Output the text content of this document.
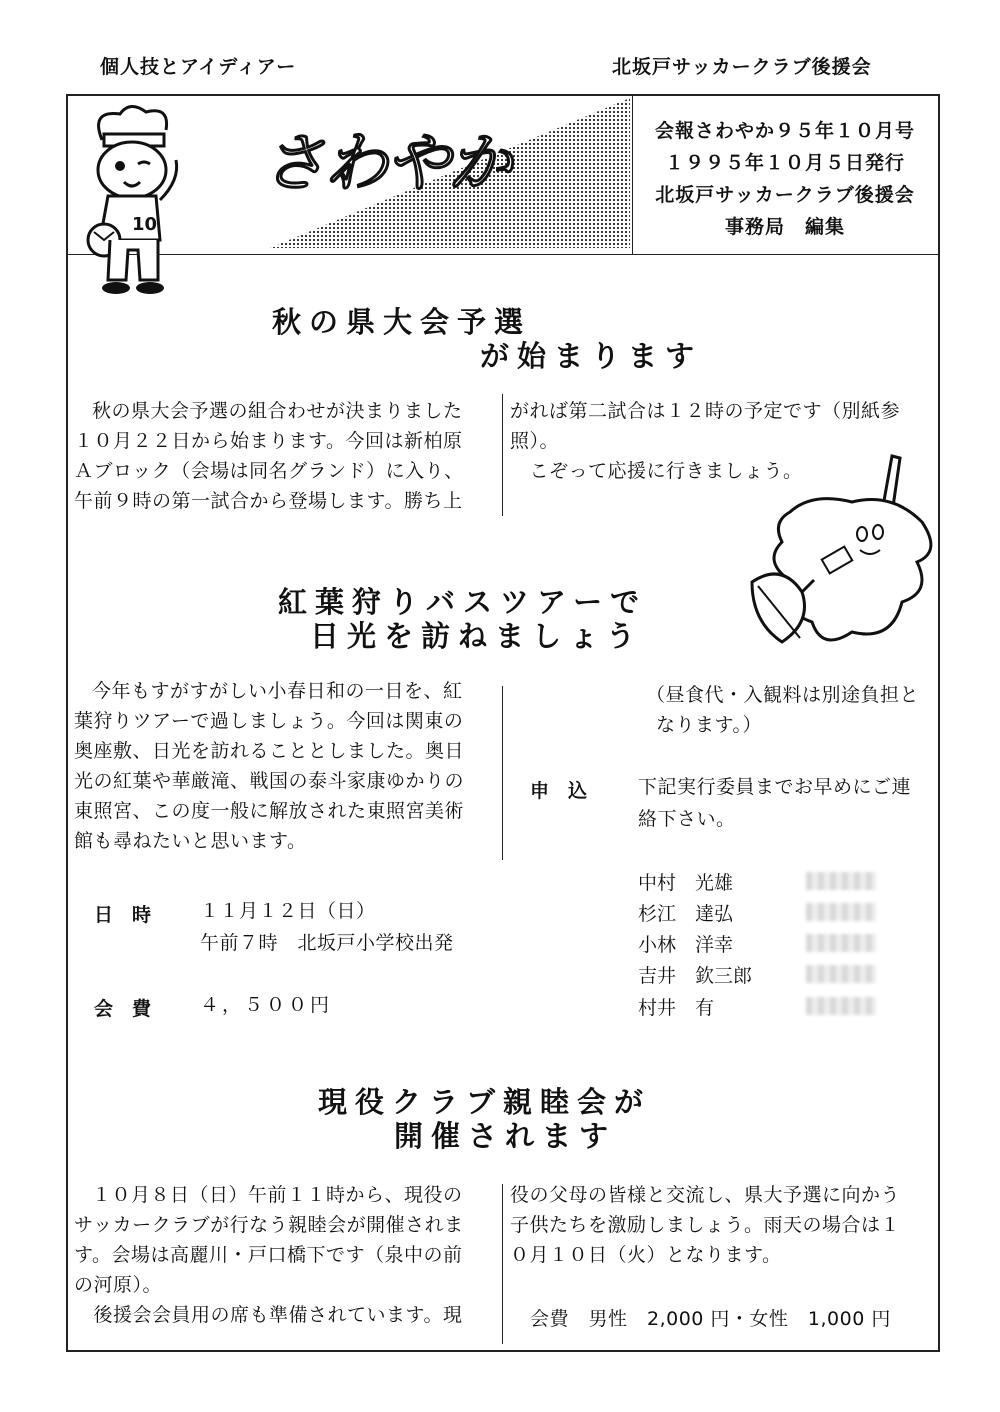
個人技とアイディアー	北坂戸サッカークラブ後援会
10
さわやか	会報さわやか９５年１０月号
１９９５年１０月５日発行
北坂戸サッカークラブ後援会
事務局　編集
秋の県大会予選
が始まります
秋の県大会予選の組合わせが決まりました
１０月２２日から始まります。今回は新柏原
Ａブロック（会場は同名グランド）に入り、
午前９時の第一試合から登場します。勝ち上
がれば第二試合は１２時の予定です（別紙参
照）。
　こぞって応援に行きましょう。
紅葉狩りバスツアーで
日光を訪ねましょう
今年もすがすがしい小春日和の一日を、紅
葉狩りツアーで過しましょう。今回は関東の
奥座敷、日光を訪れることとしました。奥日
光の紅葉や華厳滝、戦国の泰斗家康ゆかりの
東照宮、この度一般に解放された東照宮美術
館も尋ねたいと思います。
日　時	１１月１２日（日）
午前７時　北坂戸小学校出発
会　費	４，５００円
（昼食代・入観料は別途負担と
なります。）
申　込	下記実行委員までお早めにご連
絡下さい。
中村　光雄
杉江　達弘
小林　洋幸
吉井　欽三郎
村井　有
現役クラブ親睦会が
開催されます
１０月８日（日）午前１１時から、現役の
サッカークラブが行なう親睦会が開催されま
す。会場は高麗川・戸口橋下です（泉中の前
の河原）。
　後援会会員用の席も準備されています。現
役の父母の皆様と交流し、県大予選に向かう
子供たちを激励しましょう。雨天の場合は１
０月１０日（火）となります。
会費　男性　2,000 円・女性　1,000 円
